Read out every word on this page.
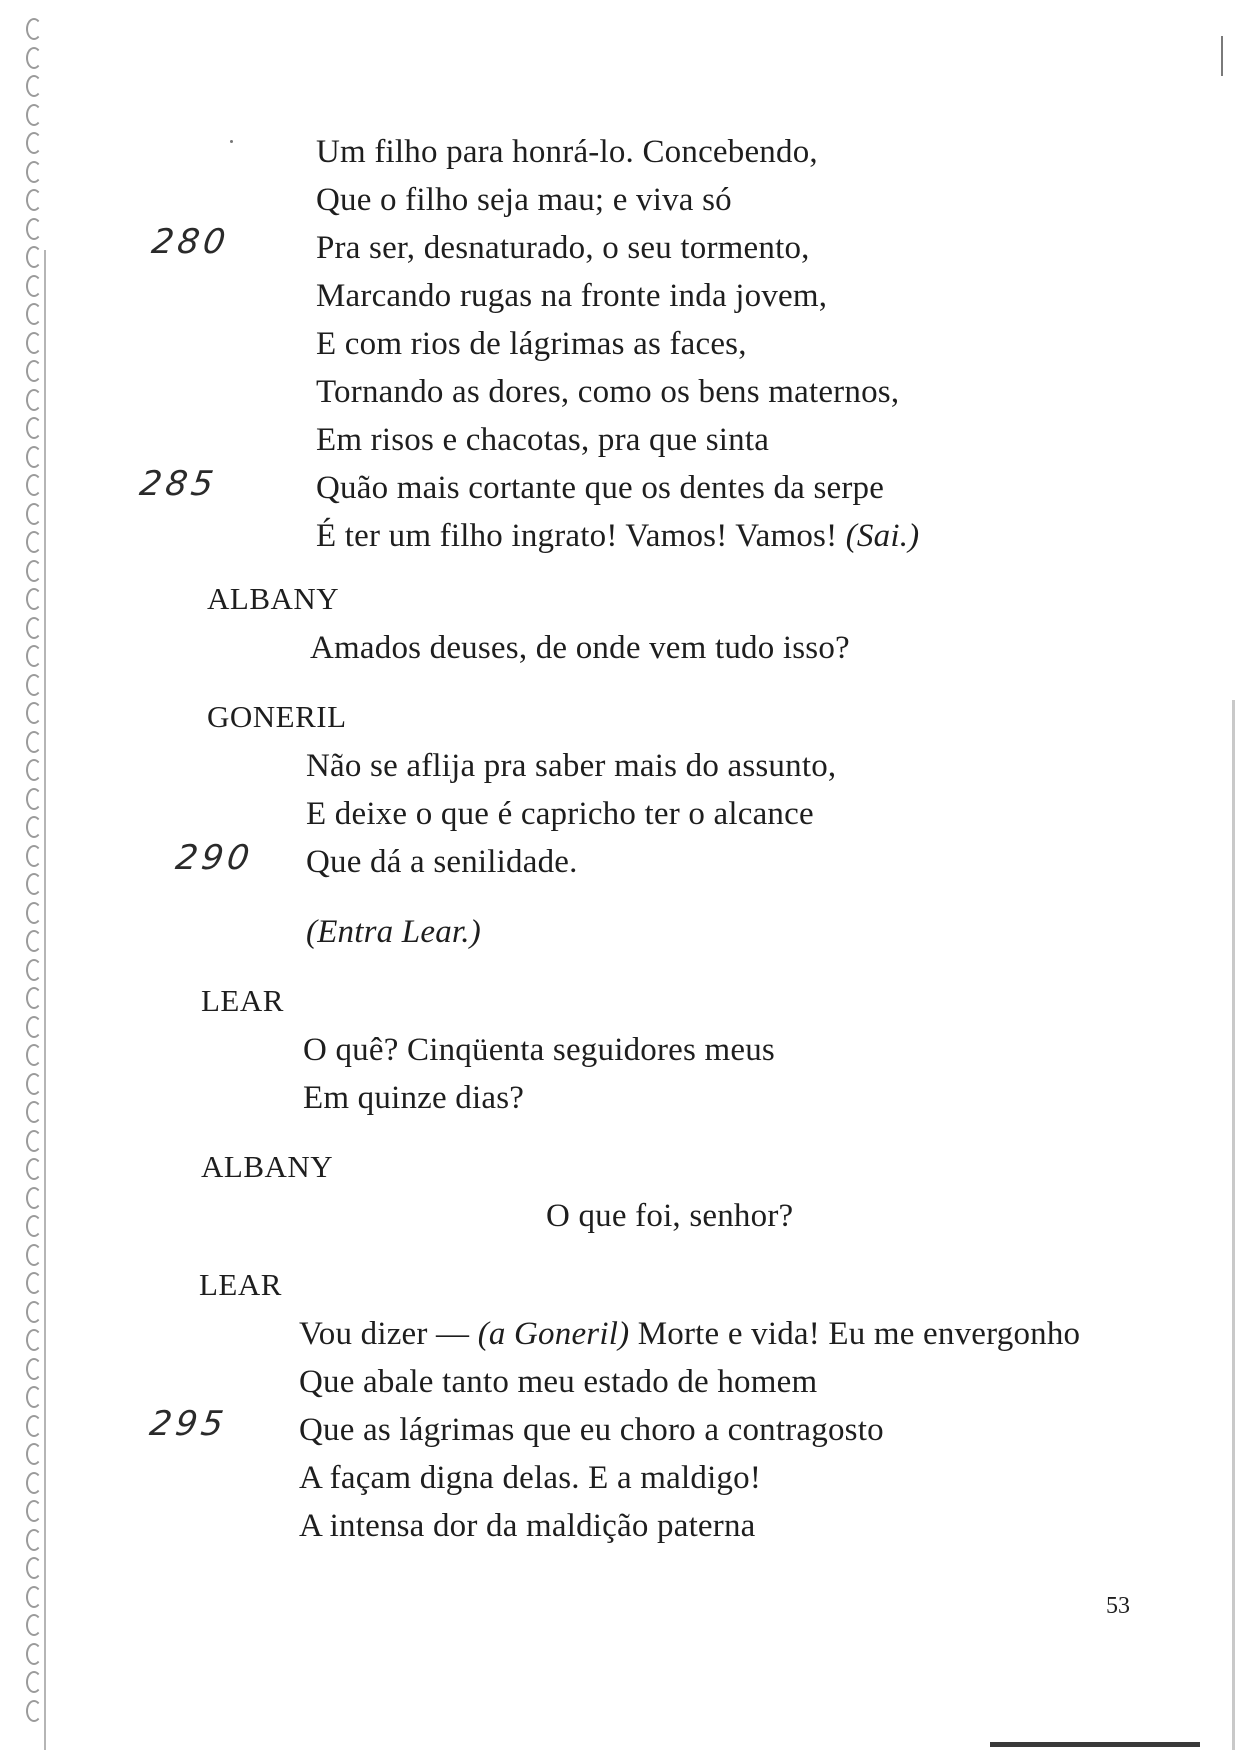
Um filho para honrá-lo. Concebendo,
Que o filho seja mau; e viva só
280	Pra ser, desnaturado, o seu tormento,
Marcando rugas na fronte inda jovem,
E com rios de lágrimas as faces,
Tornando as dores, como os bens maternos,
Em risos e chacotas, pra que sinta
285	Quão mais cortante que os dentes da serpe
É ter um filho ingrato! Vamos! Vamos! (Sai.)
ALBANY
Amados deuses, de onde vem tudo isso?
GONERIL
Não se aflija pra saber mais do assunto,
E deixe o que é capricho ter o alcance
290 Que dá a senilidade.
(Entra Lear.)
LEAR
O quê? Cinqüenta seguidores meus
Em quinze dias?
ALBANY
O que foi, senhor?
LEAR
Vou dizer — (a Goneril) Morte e vida! Eu me envergonho
Que abale tanto meu estado de homem
295 Que as lágrimas que eu choro a contragosto
A façam digna delas. E a maldigo!
A intensa dor da maldição paterna
53
